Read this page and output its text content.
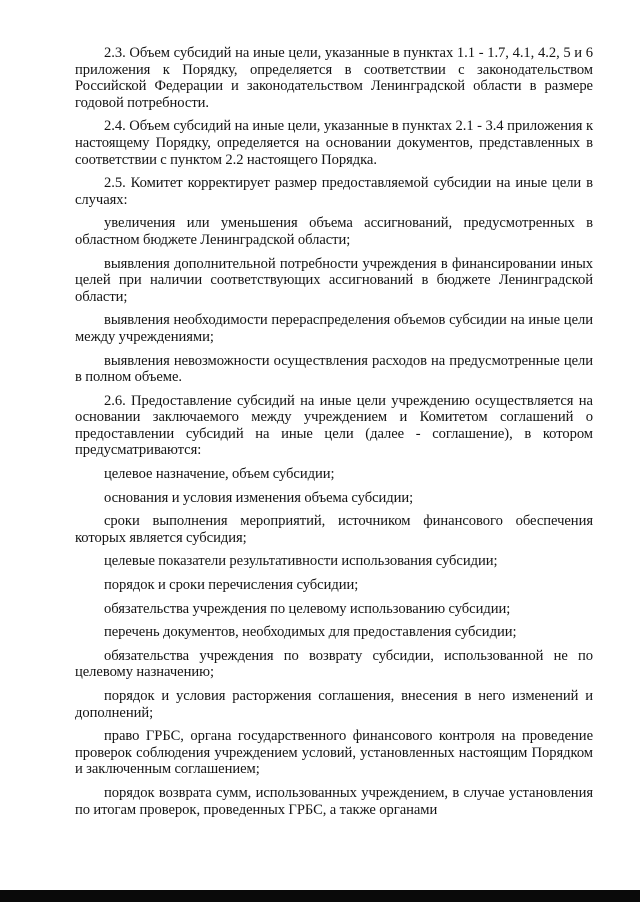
2.3. Объем субсидий на иные цели, указанные в пунктах 1.1 - 1.7, 4.1, 4.2, 5 и 6 приложения к Порядку, определяется в соответствии с законодательством Российской Федерации и законодательством Ленинградской области в размере годовой потребности.

2.4. Объем субсидий на иные цели, указанные в пунктах 2.1 - 3.4 приложения к настоящему Порядку, определяется на основании документов, представленных в соответствии с пунктом 2.2 настоящего Порядка.

2.5. Комитет корректирует размер предоставляемой субсидии на иные цели в случаях:

увеличения или уменьшения объема ассигнований, предусмотренных в областном бюджете Ленинградской области;

выявления дополнительной потребности учреждения в финансировании иных целей при наличии соответствующих ассигнований в бюджете Ленинградской области;

выявления необходимости перераспределения объемов субсидии на иные цели между учреждениями;

выявления невозможности осуществления расходов на предусмотренные цели в полном объеме.

2.6. Предоставление субсидий на иные цели учреждению осуществляется на основании заключаемого между учреждением и Комитетом соглашений о предоставлении субсидий на иные цели (далее - соглашение), в котором предусматриваются:

целевое назначение, объем субсидии;

основания и условия изменения объема субсидии;

сроки выполнения мероприятий, источником финансового обеспечения которых является субсидия;

целевые показатели результативности использования субсидии;

порядок и сроки перечисления субсидии;

обязательства учреждения по целевому использованию субсидии;

перечень документов, необходимых для предоставления субсидии;

обязательства учреждения по возврату субсидии, использованной не по целевому назначению;

порядок и условия расторжения соглашения, внесения в него изменений и дополнений;

право ГРБС, органа государственного финансового контроля на проведение проверок соблюдения учреждением условий, установленных настоящим Порядком и заключенным соглашением;

порядок возврата сумм, использованных учреждением, в случае установления по итогам проверок, проведенных ГРБС, а также органами
